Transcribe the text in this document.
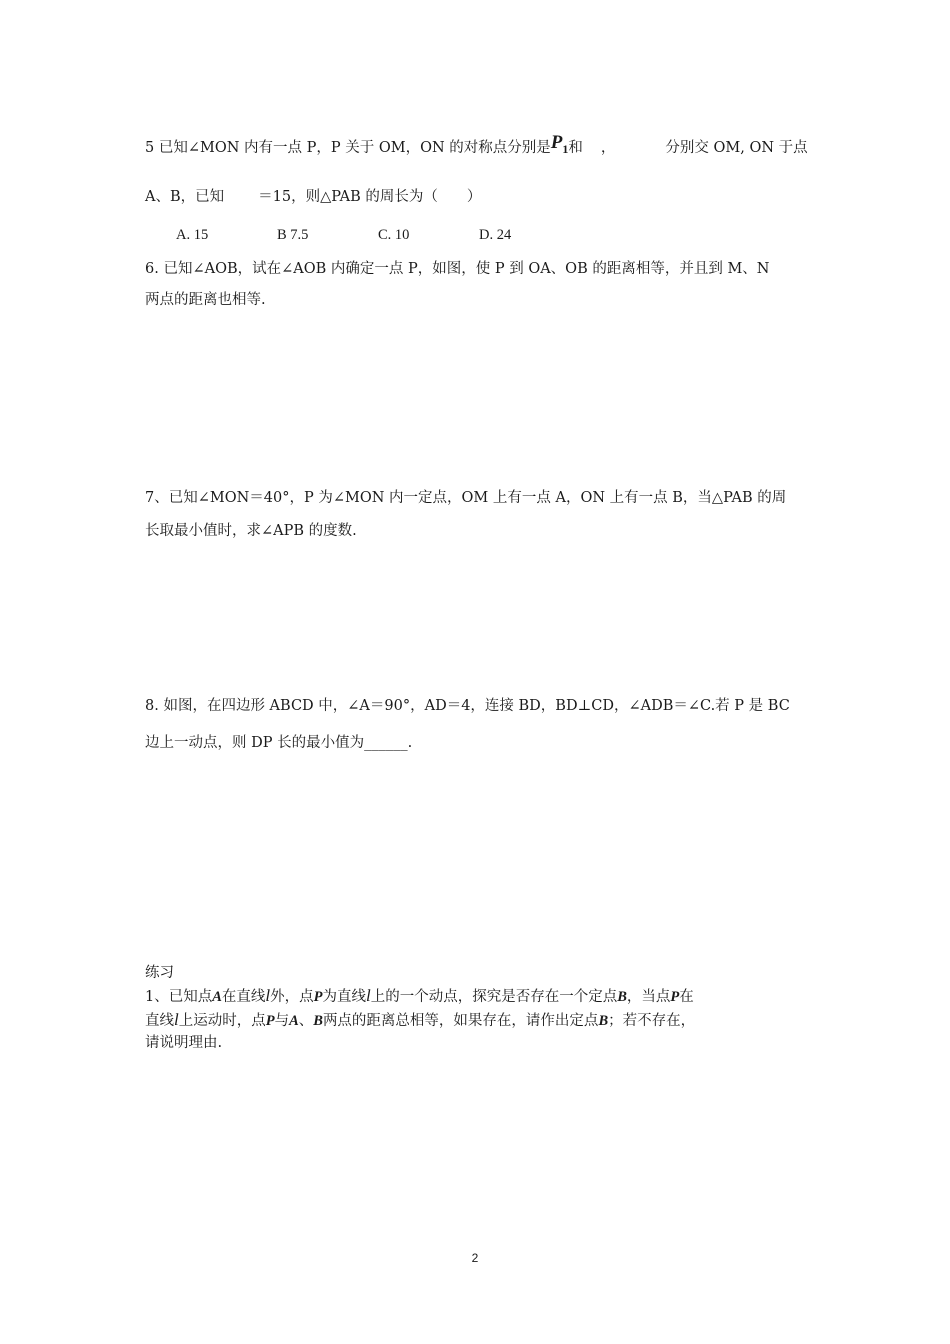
5 已知∠MON 内有一点 P，P 关于 OM，ON 的对称点分别是$P_1$和 ，	分别交 OM, ON 于点
A、B，已知 ＝15，则△PAB 的周长为（　　）
A. 15	B 7.5	C. 10	D. 24
6. 已知∠AOB，试在∠AOB 内确定一点 P，如图，使 P 到 OA、OB 的距离相等，并且到 M、N
两点的距离也相等.
7、已知∠MON＝40°，P 为∠MON 内一定点，OM 上有一点 A，ON 上有一点 B，当△PAB 的周
长取最小值时，求∠APB 的度数.
8. 如图，在四边形 ABCD 中，∠A＝90°，AD＝4，连接 BD，BD⊥CD，∠ADB＝∠C.若 P 是 BC
边上一动点，则 DP 长的最小值为______.
练习
1、已知点A在直线l外，点P为直线l上的一个动点，探究是否存在一个定点B，当点P在
直线l上运动时，点P与A、B两点的距离总相等，如果存在，请作出定点B；若不存在，
请说明理由.
2
